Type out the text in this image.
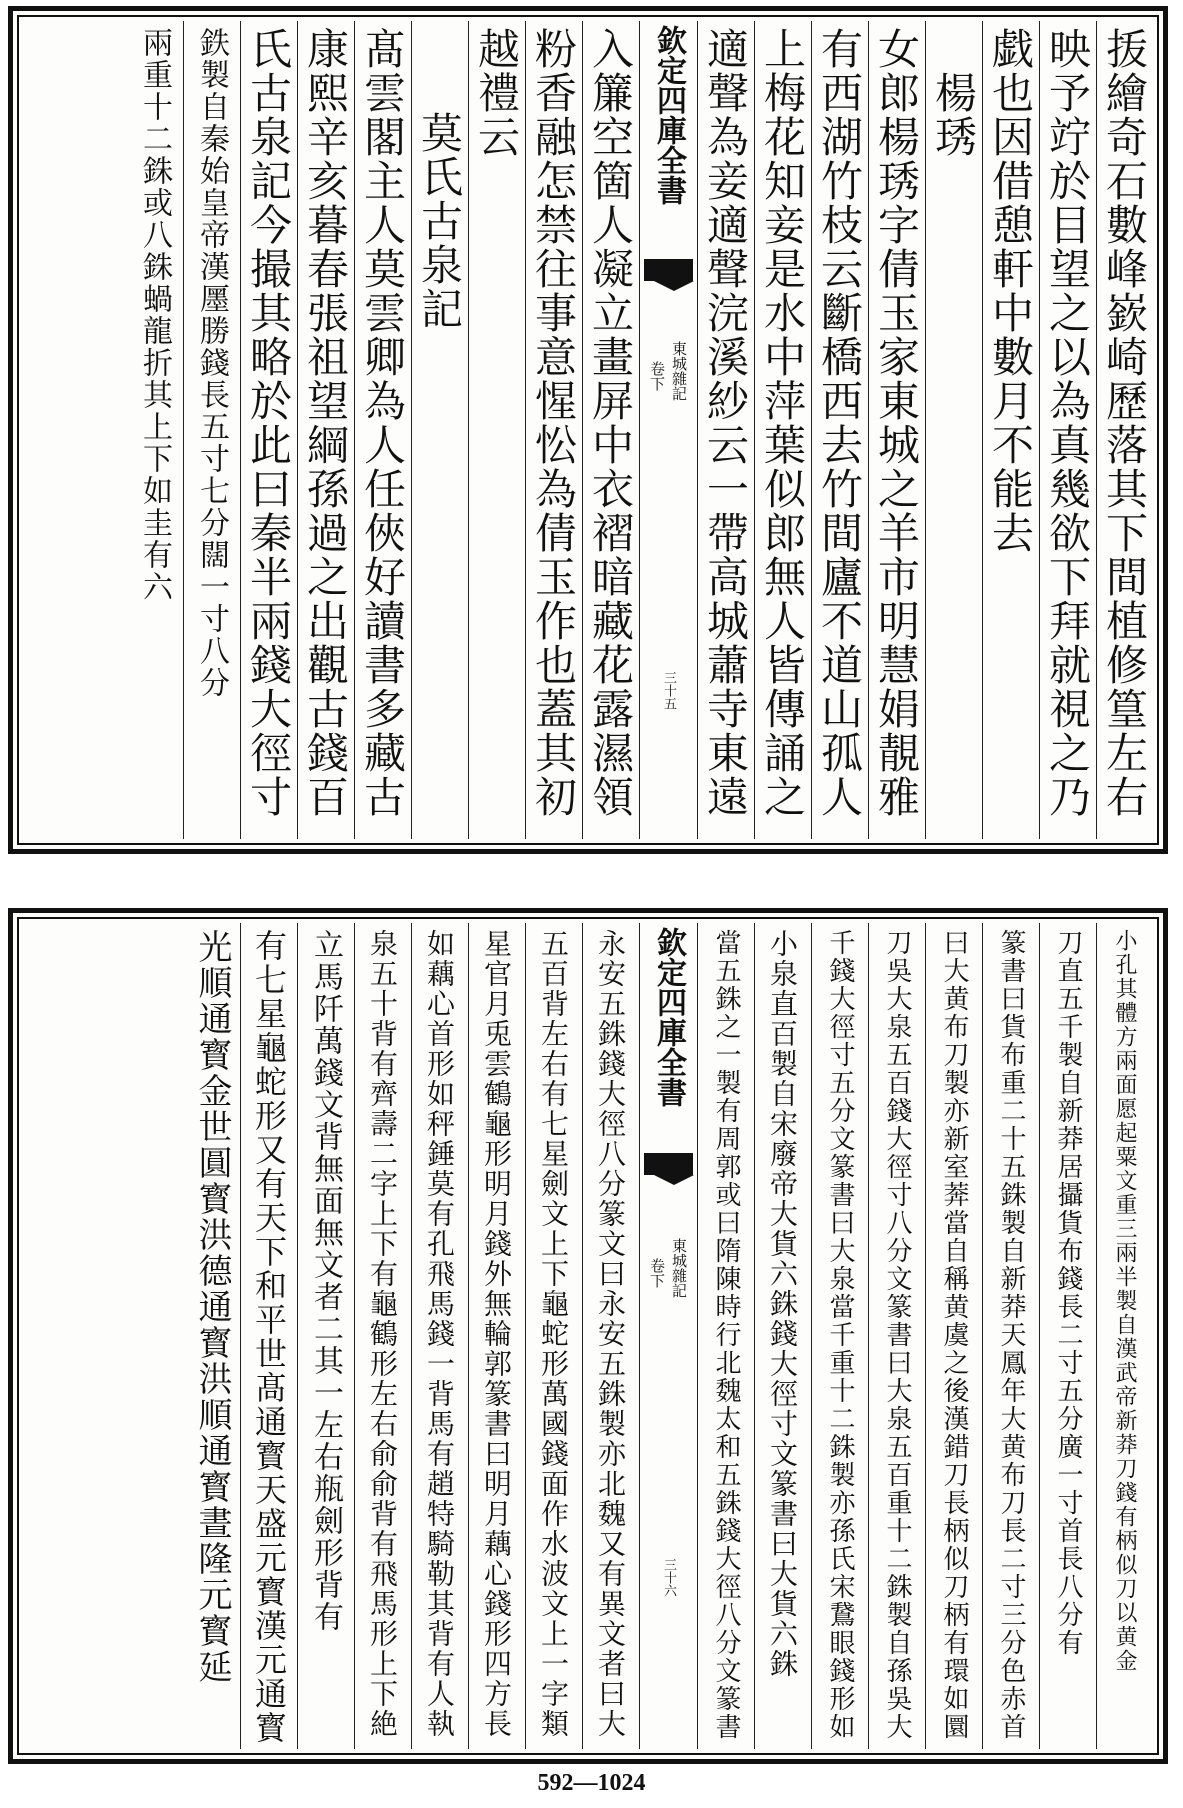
㧞繪奇石數峰嶔崎歷落其下間植修篁左右
映予竚於目望之以為真幾欲下拜就視之乃
戯也因借憩軒中數月不能去
楊琇
女郎楊琇字倩玉家東城之羊市明慧娟靚雅
有西湖竹枝云斷橋西去竹間廬不道山孤人
上梅花知妾是水中萍葉似郎無人皆傳誦之
適聲為妾適聲浣溪紗云一帶高城蕭寺東遠
欽定四庫全書
東城雜記
卷下
三十五
入簾空箇人凝立畫屏中衣褶暗藏花露濕領
粉香融怎禁往事意惺忪為倩玉作也蓋其初
越禮云
莫氏古泉記
髙雲閣主人莫雲卿為人任俠好讀書多藏古
康熙辛亥暮春張祖望綱孫過之出觀古錢百
氏古泉記今撮其略於此曰秦半兩錢大徑寸
鉄製自秦始皇帝漢㕓勝錢長五寸七分闊一寸八分
兩重十二銖或八銖蝸龍折其上下如圭有六
小孔其體方兩面愿起粟文重三兩半製自漢武帝新莽刀錢有柄似刀以黄金
刀直五千製自新莽居攝貨布錢長二寸五分廣一寸首長八分有
篆書曰貨布重二十五銖製自新莽天鳳年大黄布刀長二寸三分色赤首
曰大黄布刀製亦新室莾當自稱黄虞之後漢錯刀長柄似刀柄有環如圜
刀吳大泉五百錢大徑寸八分文篆書曰大泉五百重十二銖製自孫吳大
千錢大徑寸五分文篆書曰大泉當千重十二銖製亦孫氏宋鵞眼錢形如
小泉直百製自宋廢帝大貨六銖錢大徑寸文篆書曰大貨六銖
當五銖之一製有周郭或曰隋陳時行北魏太和五銖錢大徑八分文篆書
欽定四庫全書
東城雜記
卷下
三十六
永安五銖錢大徑八分篆文曰永安五銖製亦北魏又有異文者曰大
五百背左右有七星劍文上下龜蛇形萬國錢面作水波文上一字類
星官月兎雲鶴龜形明月錢外無輪郭篆書曰明月藕心錢形四方長
如藕心首形如秤錘莫有孔飛馬錢一背馬有趙特騎勒其背有人執
泉五十背有齊壽二字上下有龜鶴形左右俞俞背有飛馬形上下絶
立馬阡萬錢文背無面無文者二其一左右瓶劍形背有
有七星龜蛇形又有天下和平世髙通寳天盛元寳漢元通寳
光順通寳金世圓寳洪德通寳洪順通寳晝隆元寳延
592—1024
